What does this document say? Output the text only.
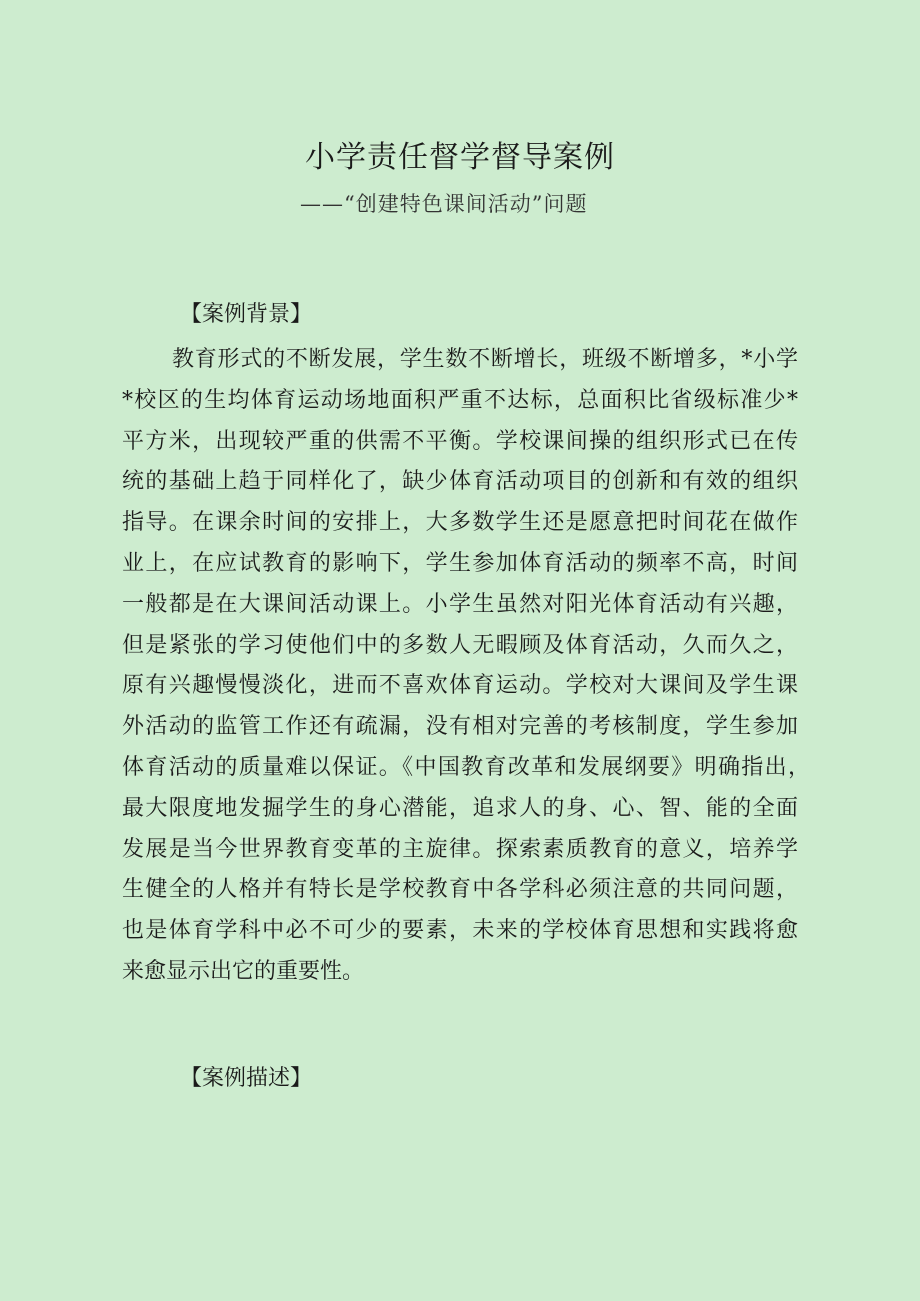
小学责任督学督导案例
——“创建特色课间活动”问题
【案例背景】
教育形式的不断发展，学生数不断增长，班级不断增多，*小学
*校区的生均体育运动场地面积严重不达标，总面积比省级标准少*
平方米，出现较严重的供需不平衡。学校课间操的组织形式已在传
统的基础上趋于同样化了，缺少体育活动项目的创新和有效的组织
指导。在课余时间的安排上，大多数学生还是愿意把时间花在做作
业上，在应试教育的影响下，学生参加体育活动的频率不高，时间
一般都是在大课间活动课上。小学生虽然对阳光体育活动有兴趣，
但是紧张的学习使他们中的多数人无暇顾及体育活动，久而久之，
原有兴趣慢慢淡化，进而不喜欢体育运动。学校对大课间及学生课
外活动的监管工作还有疏漏，没有相对完善的考核制度，学生参加
体育活动的质量难以保证。《中国教育改革和发展纲要》明确指出，
最大限度地发掘学生的身心潜能，追求人的身、心、智、能的全面
发展是当今世界教育变革的主旋律。探索素质教育的意义，培养学
生健全的人格并有特长是学校教育中各学科必须注意的共同问题，
也是体育学科中必不可少的要素，未来的学校体育思想和实践将愈
来愈显示出它的重要性。
【案例描述】
